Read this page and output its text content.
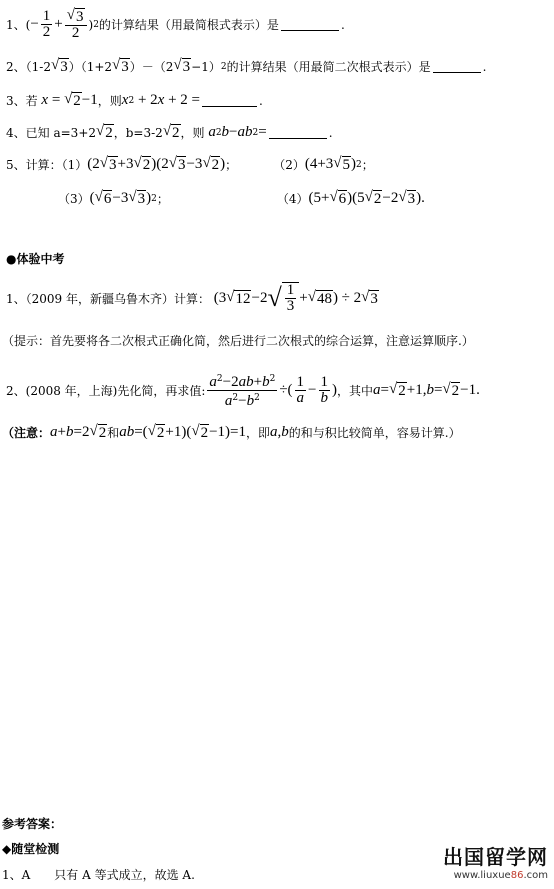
1 、( − $\frac{1}{2} + \frac{√ 3}{2}$ ) 2 的计算结果（用最简根式表示）是	.
2 、（1-2 √ 3 ）（1+2 √ 3 ）－（2 √ 3 −1） 2 的计算结果（用最简二次根式表示）是	.
3 、 若 x = √ 2 −1 ，则 x 2 + 2 x + 2 =	.
4 、 已知 a=3+2 √ 2 ，b=3-2 √ 2 ，则 a 2 b − ab 2 =	.
5 、 计算：（1） (2 √ 3 +3 √ 2 )(2 √ 3 −3 √ 2 ) ；	（2） (4+3 √ 5 ) 2 ；
（3） ( √ 6 −3 √ 3 ) 2 ；	（4） (5+ √ 6 )(5 √ 2 −2 √ 3 ).
●体验中考
1、（2009 年，新疆乌鲁木齐）计算： (3 √ 12 −2 √ $\frac{1}{3}$ + √ 48 ) ÷ 2 √ 3
（提示：首先要将各二次根式正确化简，然后进行二次根式的综合运算，注意运算顺序.）
2、(2008 年，上海)先化简，再求值: $\frac{a^2-2ab+b^2}{a^2-b^2}$ ÷( $\frac{1}{a} - \frac{1}{b}$ ) ，其中 a = √ 2 +1, b = √ 2 −1.
（注意： a + b =2 √ 2 和 ab =( √ 2 +1)( √ 2 −1)=1 ，即 a , b 的和与积比较简单，容易计算.）
参考答案：
◆随堂检测
1、A　　只有 A 等式成立，故选 A.
出国留学网
www.liuxue86.com
